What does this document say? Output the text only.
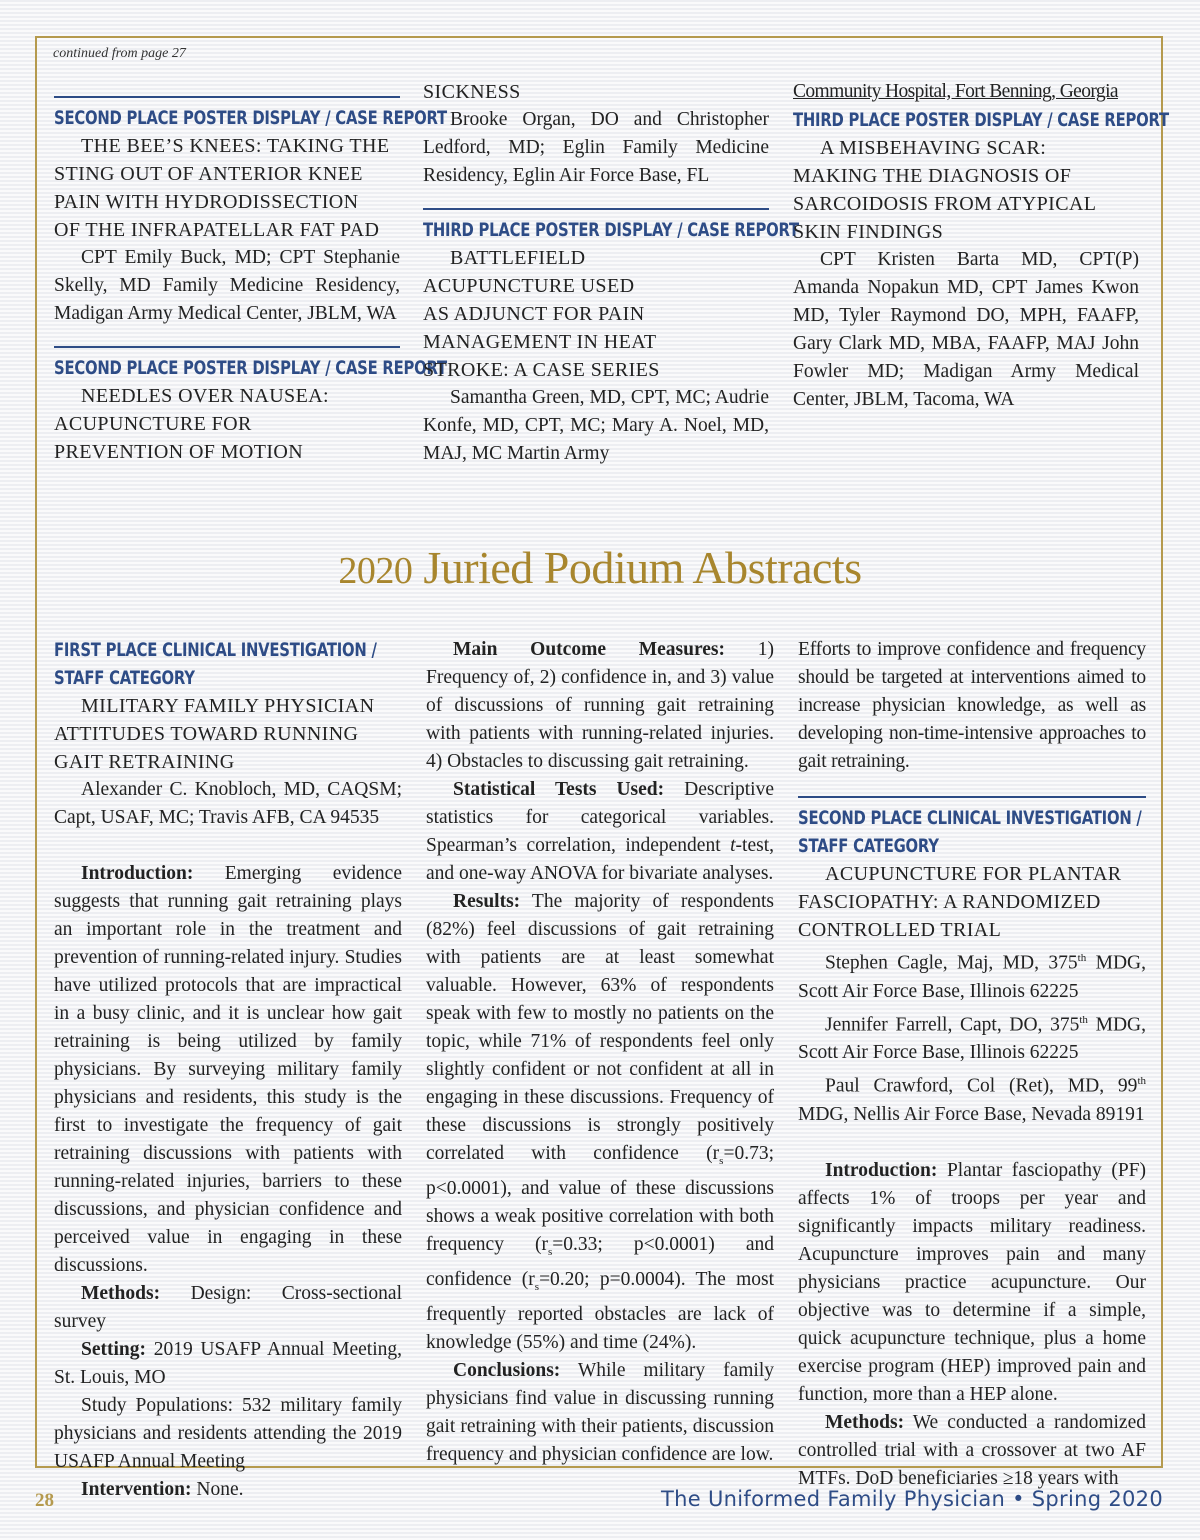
continued from page 27
SECOND PLACE POSTER DISPLAY / CASE REPORT
THE BEE’S KNEES: TAKING THE
STING OUT OF ANTERIOR KNEE
PAIN WITH HYDRODISSECTION
OF THE INFRAPATELLAR FAT PAD

CPT Emily Buck, MD; CPT Stephanie Skelly, MD Family Medicine Residency, Madigan Army Medical Center, JBLM, WA

SECOND PLACE POSTER DISPLAY / CASE REPORT
NEEDLES OVER NAUSEA:
ACUPUNCTURE FOR
PREVENTION OF MOTION
SICKNESS

Brooke Organ, DO and Christopher Ledford, MD; Eglin Family Medicine Residency, Eglin Air Force Base, FL

THIRD PLACE POSTER DISPLAY / CASE REPORT
BATTLEFIELD
ACUPUNCTURE USED
AS ADJUNCT FOR PAIN
MANAGEMENT IN HEAT
STROKE: A CASE SERIES

Samantha Green, MD, CPT, MC; Audrie Konfe, MD, CPT, MC; Mary A. Noel, MD, MAJ, MC Martin Army

Community Hospital, Fort Benning, Georgia

THIRD PLACE POSTER DISPLAY / CASE REPORT
A MISBEHAVING SCAR:
MAKING THE DIAGNOSIS OF
SARCOIDOSIS FROM ATYPICAL
SKIN FINDINGS

CPT Kristen Barta MD, CPT(P) Amanda Nopakun MD, CPT James Kwon MD, Tyler Raymond DO, MPH, FAAFP, Gary Clark MD, MBA, FAAFP, MAJ John Fowler MD; Madigan Army Medical Center, JBLM, Tacoma, WA

2020 Juried Podium Abstracts
FIRST PLACE CLINICAL INVESTIGATION /
STAFF CATEGORY
MILITARY FAMILY PHYSICIAN
ATTITUDES TOWARD RUNNING
GAIT RETRAINING

Alexander C. Knobloch, MD, CAQSM; Capt, USAF, MC; Travis AFB, CA 94535

Introduction: Emerging evidence suggests that running gait retraining plays an important role in the treatment and prevention of running-related injury. Studies have utilized protocols that are impractical in a busy clinic, and it is unclear how gait retraining is being utilized by family physicians. By surveying military family physicians and residents, this study is the first to investigate the frequency of gait retraining discussions with patients with running-related injuries, barriers to these discussions, and physician confidence and perceived value in engaging in these discussions.

Methods: Design: Cross-sectional survey

Setting: 2019 USAFP Annual Meeting, St. Louis, MO

Study Populations: 532 military family physicians and residents attending the 2019 USAFP Annual Meeting

Intervention: None.

Main Outcome Measures: 1) Frequency of, 2) confidence in, and 3) value of discussions of running gait retraining with patients with running-related injuries. 4) Obstacles to discussing gait retraining.

Statistical Tests Used: Descriptive statistics for categorical variables. Spearman’s correlation, independent t-test, and one-way ANOVA for bivariate analyses.

Results: The majority of respondents (82%) feel discussions of gait retraining with patients are at least somewhat valuable. However, 63% of respondents speak with few to mostly no patients on the topic, while 71% of respondents feel only slightly confident or not confident at all in engaging in these discussions. Frequency of these discussions is strongly positively correlated with confidence ($r_s=0.73$; p<0.0001), and value of these discussions shows a weak positive correlation with both frequency ($r_s=0.33$; p<0.0001) and confidence ($r_s=0.20$; p=0.0004). The most frequently reported obstacles are lack of knowledge (55%) and time (24%).

Conclusions: While military family physicians find value in discussing running gait retraining with their patients, discussion frequency and physician confidence are low.

Efforts to improve confidence and frequency should be targeted at interventions aimed to increase physician knowledge, as well as developing non-time-intensive approaches to gait retraining.

SECOND PLACE CLINICAL INVESTIGATION /
STAFF CATEGORY
ACUPUNCTURE FOR PLANTAR
FASCIOPATHY: A RANDOMIZED
CONTROLLED TRIAL

Stephen Cagle, Maj, MD, 375th MDG, Scott Air Force Base, Illinois 62225

Jennifer Farrell, Capt, DO, 375th MDG, Scott Air Force Base, Illinois 62225

Paul Crawford, Col (Ret), MD, 99th MDG, Nellis Air Force Base, Nevada 89191

Introduction: Plantar fasciopathy (PF) affects 1% of troops per year and significantly impacts military readiness. Acupuncture improves pain and many physicians practice acupuncture. Our objective was to determine if a simple, quick acupuncture technique, plus a home exercise program (HEP) improved pain and function, more than a HEP alone.

Methods: We conducted a randomized controlled trial with a crossover at two AF MTFs. DoD beneficiaries ≥18 years with

28	The Uniformed Family Physician • Spring 2020
